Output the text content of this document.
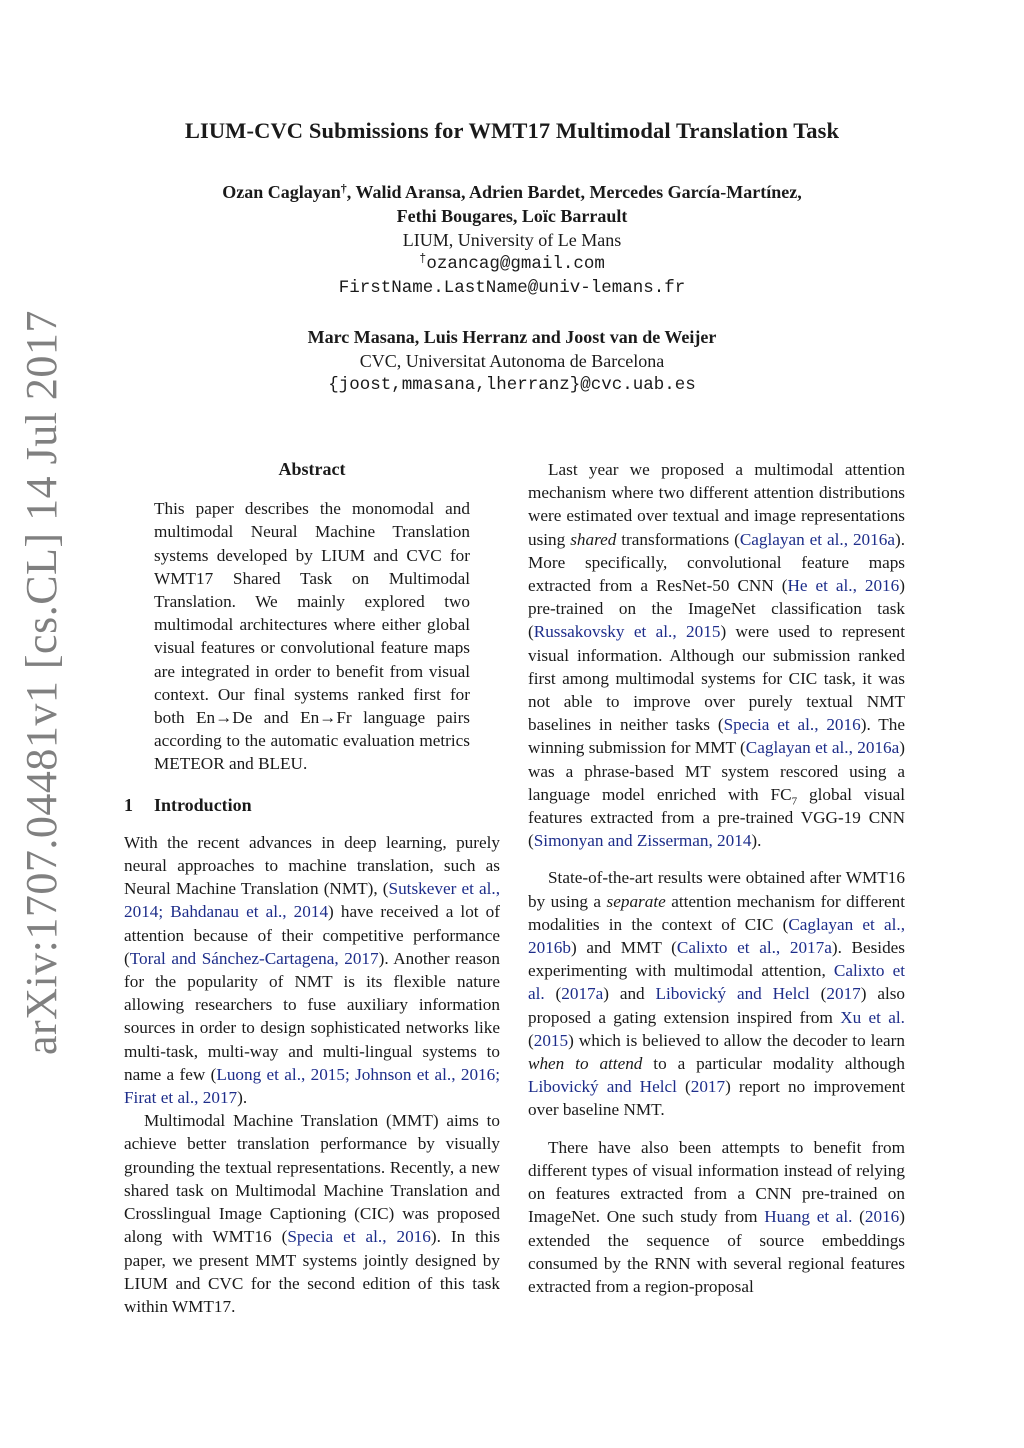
LIUM-CVC Submissions for WMT17 Multimodal Translation Task
Ozan Caglayan†, Walid Aransa, Adrien Bardet, Mercedes García-Martínez,
Fethi Bougares, Loïc Barrault
LIUM, University of Le Mans
†ozancag@gmail.com
FirstName.LastName@univ-lemans.fr
Marc Masana, Luis Herranz and Joost van de Weijer
CVC, Universitat Autonoma de Barcelona
{joost,mmasana,lherranz}@cvc.uab.es
arXiv:1707.04481v1 [cs.CL] 14 Jul 2017	Abstract

This paper describes the monomodal and multimodal Neural Machine Translation systems developed by LIUM and CVC for WMT17 Shared Task on Multimodal Translation. We mainly explored two multimodal architectures where either global visual features or convolutional feature maps are integrated in order to benefit from visual context. Our final systems ranked first for both En→De and En→Fr language pairs according to the automatic evaluation metrics METEOR and BLEU.

1 Introduction

With the recent advances in deep learning, purely neural approaches to machine translation, such as Neural Machine Translation (NMT), (Sutskever et al., 2014; Bahdanau et al., 2014) have received a lot of attention because of their competitive performance (Toral and Sánchez-Cartagena, 2017). Another reason for the popularity of NMT is its flexible nature allowing researchers to fuse auxiliary information sources in order to design sophisticated networks like multi-task, multi-way and multi-lingual systems to name a few (Luong et al., 2015; Johnson et al., 2016; Firat et al., 2017).

Multimodal Machine Translation (MMT) aims to achieve better translation performance by visually grounding the textual representations. Recently, a new shared task on Multimodal Machine Translation and Crosslingual Image Captioning (CIC) was proposed along with WMT16 (Specia et al., 2016). In this paper, we present MMT systems jointly designed by LIUM and CVC for the second edition of this task within WMT17.

Last year we proposed a multimodal attention mechanism where two different attention distributions were estimated over textual and image representations using shared transformations (Caglayan et al., 2016a). More specifically, convolutional feature maps extracted from a ResNet-50 CNN (He et al., 2016) pre-trained on the ImageNet classification task (Russakovsky et al., 2015) were used to represent visual information. Although our submission ranked first among multimodal systems for CIC task, it was not able to improve over purely textual NMT baselines in neither tasks (Specia et al., 2016). The winning submission for MMT (Caglayan et al., 2016a) was a phrase-based MT system rescored using a language model enriched with $FC_7$ global visual features extracted from a pre-trained VGG-19 CNN (Simonyan and Zisserman, 2014).

State-of-the-art results were obtained after WMT16 by using a separate attention mechanism for different modalities in the context of CIC (Caglayan et al., 2016b) and MMT (Calixto et al., 2017a). Besides experimenting with multimodal attention, Calixto et al. (2017a) and Libovický and Helcl (2017) also proposed a gating extension inspired from Xu et al. (2015) which is believed to allow the decoder to learn when to attend to a particular modality although Libovický and Helcl (2017) report no improvement over baseline NMT.

There have also been attempts to benefit from different types of visual information instead of relying on features extracted from a CNN pre-trained on ImageNet. One such study from Huang et al. (2016) extended the sequence of source embeddings consumed by the RNN with several regional features extracted from a region-proposal
